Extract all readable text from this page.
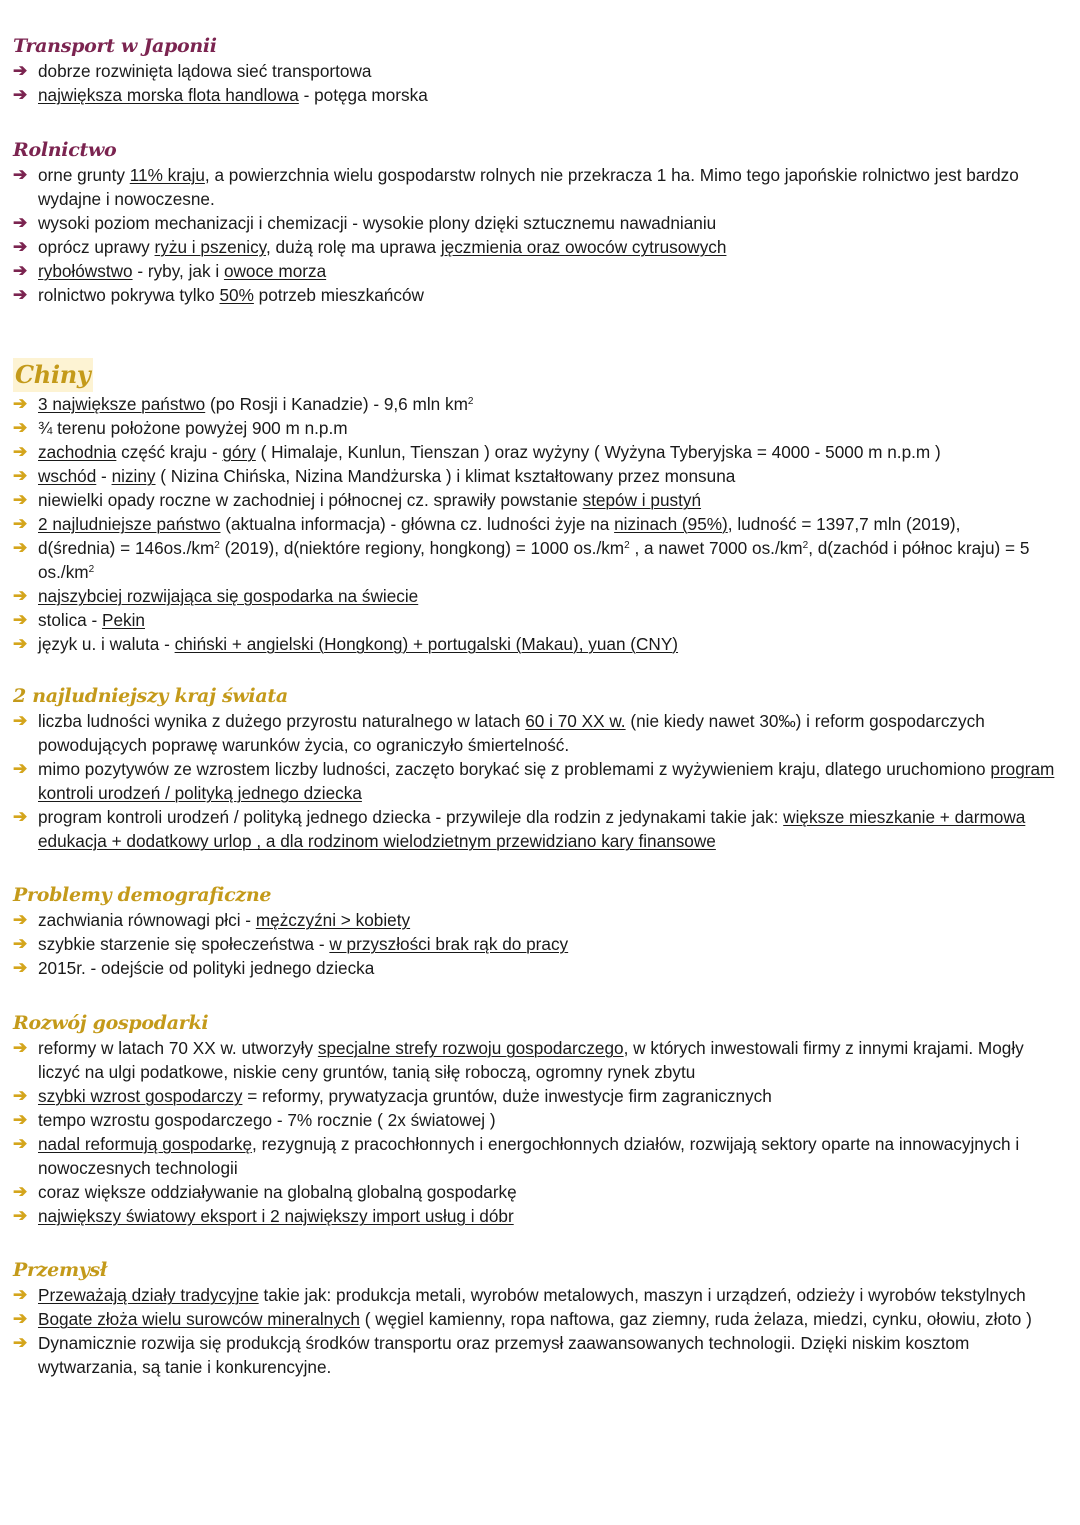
Transport w Japonii
➔ dobrze rozwinięta lądowa sieć transportowa
➔ największa morska flota handlowa - potęga morska
Rolnictwo
➔ orne grunty 11% kraju, a powierzchnia wielu gospodarstw rolnych nie przekracza 1 ha. Mimo tego japońskie rolnictwo jest bardzo wydajne i nowoczesne.
➔ wysoki poziom mechanizacji i chemizacji - wysokie plony dzięki sztucznemu nawadnianiu
➔ oprócz uprawy ryżu i pszenicy, dużą rolę ma uprawa jęczmienia oraz owoców cytrusowych
➔ rybołówstwo - ryby, jak i owoce morza
➔ rolnictwo pokrywa tylko 50% potrzeb mieszkańców
Chiny
➔ 3 największe państwo (po Rosji i Kanadzie) - 9,6 mln $km^2$
➔ ¾ terenu położone powyżej 900 m n.p.m
➔ zachodnia część kraju - góry ( Himalaje, Kunlun, Tienszan ) oraz wyżyny ( Wyżyna Tyberyjska = 4000 - 5000 m n.p.m )
➔ wschód - niziny ( Nizina Chińska, Nizina Mandżurska ) i klimat kształtowany przez monsuna
➔ niewielki opady roczne w zachodniej i północnej cz. sprawiły powstanie stepów i pustyń
➔ 2 najludniejsze państwo (aktualna informacja) - główna cz. ludności żyje na nizinach (95%), ludność = 1397,7 mln (2019),
➔ d(średnia) = $146os./km^2$ (2019), d(niektóre regiony, hongkong) = 1000 $os./km^2$ , a nawet 7000 $os./km^2$, d(zachód i północ kraju) = 5 $os./km^2$
➔ najszybciej rozwijająca się gospodarka na świecie
➔ stolica - Pekin
➔ język u. i waluta - chiński + angielski (Hongkong) + portugalski (Makau), yuan (CNY)
2 najludniejszy kraj świata
➔ liczba ludności wynika z dużego przyrostu naturalnego w latach 60 i 70 XX w. (nie kiedy nawet 30‰) i reform gospodarczych powodujących poprawę warunków życia, co ograniczyło śmiertelność.
➔ mimo pozytywów ze wzrostem liczby ludności, zaczęto borykać się z problemami z wyżywieniem kraju, dlatego uruchomiono program kontroli urodzeń / polityką jednego dziecka
➔ program kontroli urodzeń / polityką jednego dziecka - przywileje dla rodzin z jedynakami takie jak: większe mieszkanie + darmowa edukacja + dodatkowy urlop , a dla rodzinom wielodzietnym przewidziano kary finansowe
Problemy demograficzne
➔ zachwiania równowagi płci - mężczyźni > kobiety
➔ szybkie starzenie się społeczeństwa - w przyszłości brak rąk do pracy
➔ 2015r. - odejście od polityki jednego dziecka
Rozwój gospodarki
➔ reformy w latach 70 XX w. utworzyły specjalne strefy rozwoju gospodarczego, w których inwestowali firmy z innymi krajami. Mogły liczyć na ulgi podatkowe, niskie ceny gruntów, tanią siłę roboczą, ogromny rynek zbytu
➔ szybki wzrost gospodarczy = reformy, prywatyzacja gruntów, duże inwestycje firm zagranicznych
➔ tempo wzrostu gospodarczego - 7% rocznie ( 2x światowej )
➔ nadal reformują gospodarkę, rezygnują z pracochłonnych i energochłonnych działów, rozwijają sektory oparte na innowacyjnych i nowoczesnych technologii
➔ coraz większe oddziaływanie na globalną globalną gospodarkę
➔ największy światowy eksport i 2 największy import usług i dóbr
Przemysł
➔ Przeważają działy tradycyjne takie jak: produkcja metali, wyrobów metalowych, maszyn i urządzeń, odzieży i wyrobów tekstylnych
➔ Bogate złoża wielu surowców mineralnych ( węgiel kamienny, ropa naftowa, gaz ziemny, ruda żelaza, miedzi, cynku, ołowiu, złoto )
➔ Dynamicznie rozwija się produkcją środków transportu oraz przemysł zaawansowanych technologii. Dzięki niskim kosztom wytwarzania, są tanie i konkurencyjne.
